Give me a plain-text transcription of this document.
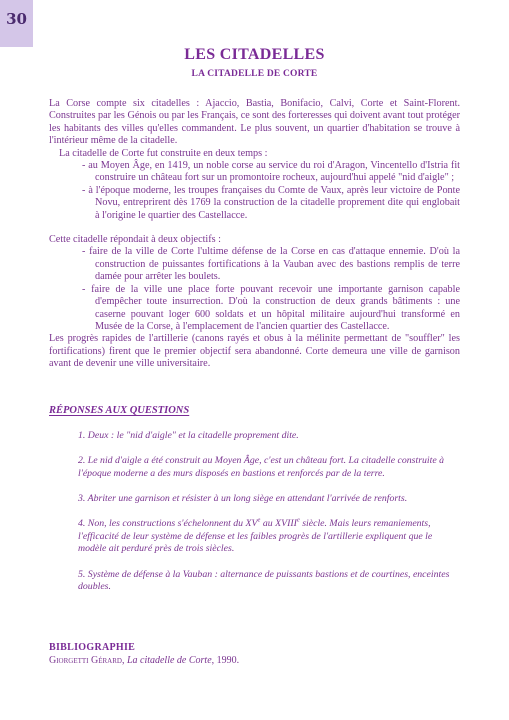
30
LES CITADELLES
LA CITADELLE DE CORTE

La Corse compte six citadelles : Ajaccio, Bastia, Bonifacio, Calvi, Corte et Saint-Florent. Construites par les Génois ou par les Français, ce sont des forteresses qui doivent avant tout protéger les habitants des villes qu'elles commandent. Le plus souvent, un quartier d'habitation se trouve à l'intérieur même de la citadelle.

La citadelle de Corte fut construite en deux temps :

- au Moyen Âge, en 1419, un noble corse au service du roi d'Aragon, Vincentello d'Istria fit construire un château fort sur un promontoire rocheux, aujourd'hui appelé "nid d'aigle" ;

- à l'époque moderne, les troupes françaises du Comte de Vaux, après leur victoire de Ponte Novu, entreprirent dès 1769 la construction de la citadelle proprement dite qui englobait à l'origine le quartier des Castellacce.

Cette citadelle répondait à deux objectifs :

- faire de la ville de Corte l'ultime défense de la Corse en cas d'attaque ennemie. D'où la construction de puissantes fortifications à la Vauban avec des bastions remplis de terre damée pour arrêter les boulets.

- faire de la ville une place forte pouvant recevoir une importante garnison capable d'empêcher toute insurrection. D'où la construction de deux grands bâtiments : une caserne pouvant loger 600 soldats et un hôpital militaire aujourd'hui transformé en Musée de la Corse, à l'emplacement de l'ancien quartier des Castellacce.

Les progrès rapides de l'artillerie (canons rayés et obus à la mélinite permettant de "souffler" les fortifications) firent que le premier objectif sera abandonné. Corte demeura une ville de garnison avant de devenir une ville universitaire.

RÉPONSES AUX QUESTIONS

1. Deux : le "nid d'aigle" et la citadelle proprement dite.

2. Le nid d'aigle a été construit au Moyen Âge, c'est un château fort. La citadelle construite à l'époque moderne a des murs disposés en bastions et renforcés par de la terre.

3. Abriter une garnison et résister à un long siège en attendant l'arrivée de renforts.

4. Non, les constructions s'échelonnent du XVe au XVIIIe siècle. Mais leurs remaniements, l'efficacité de leur système de défense et les faibles progrès de l'artillerie expliquent que le modèle ait perduré près de trois siècles.

5. Système de défense à la Vauban : alternance de puissants bastions et de courtines, enceintes doubles.

BIBLIOGRAPHIE
Giorgetti Gérard, La citadelle de Corte, 1990.
